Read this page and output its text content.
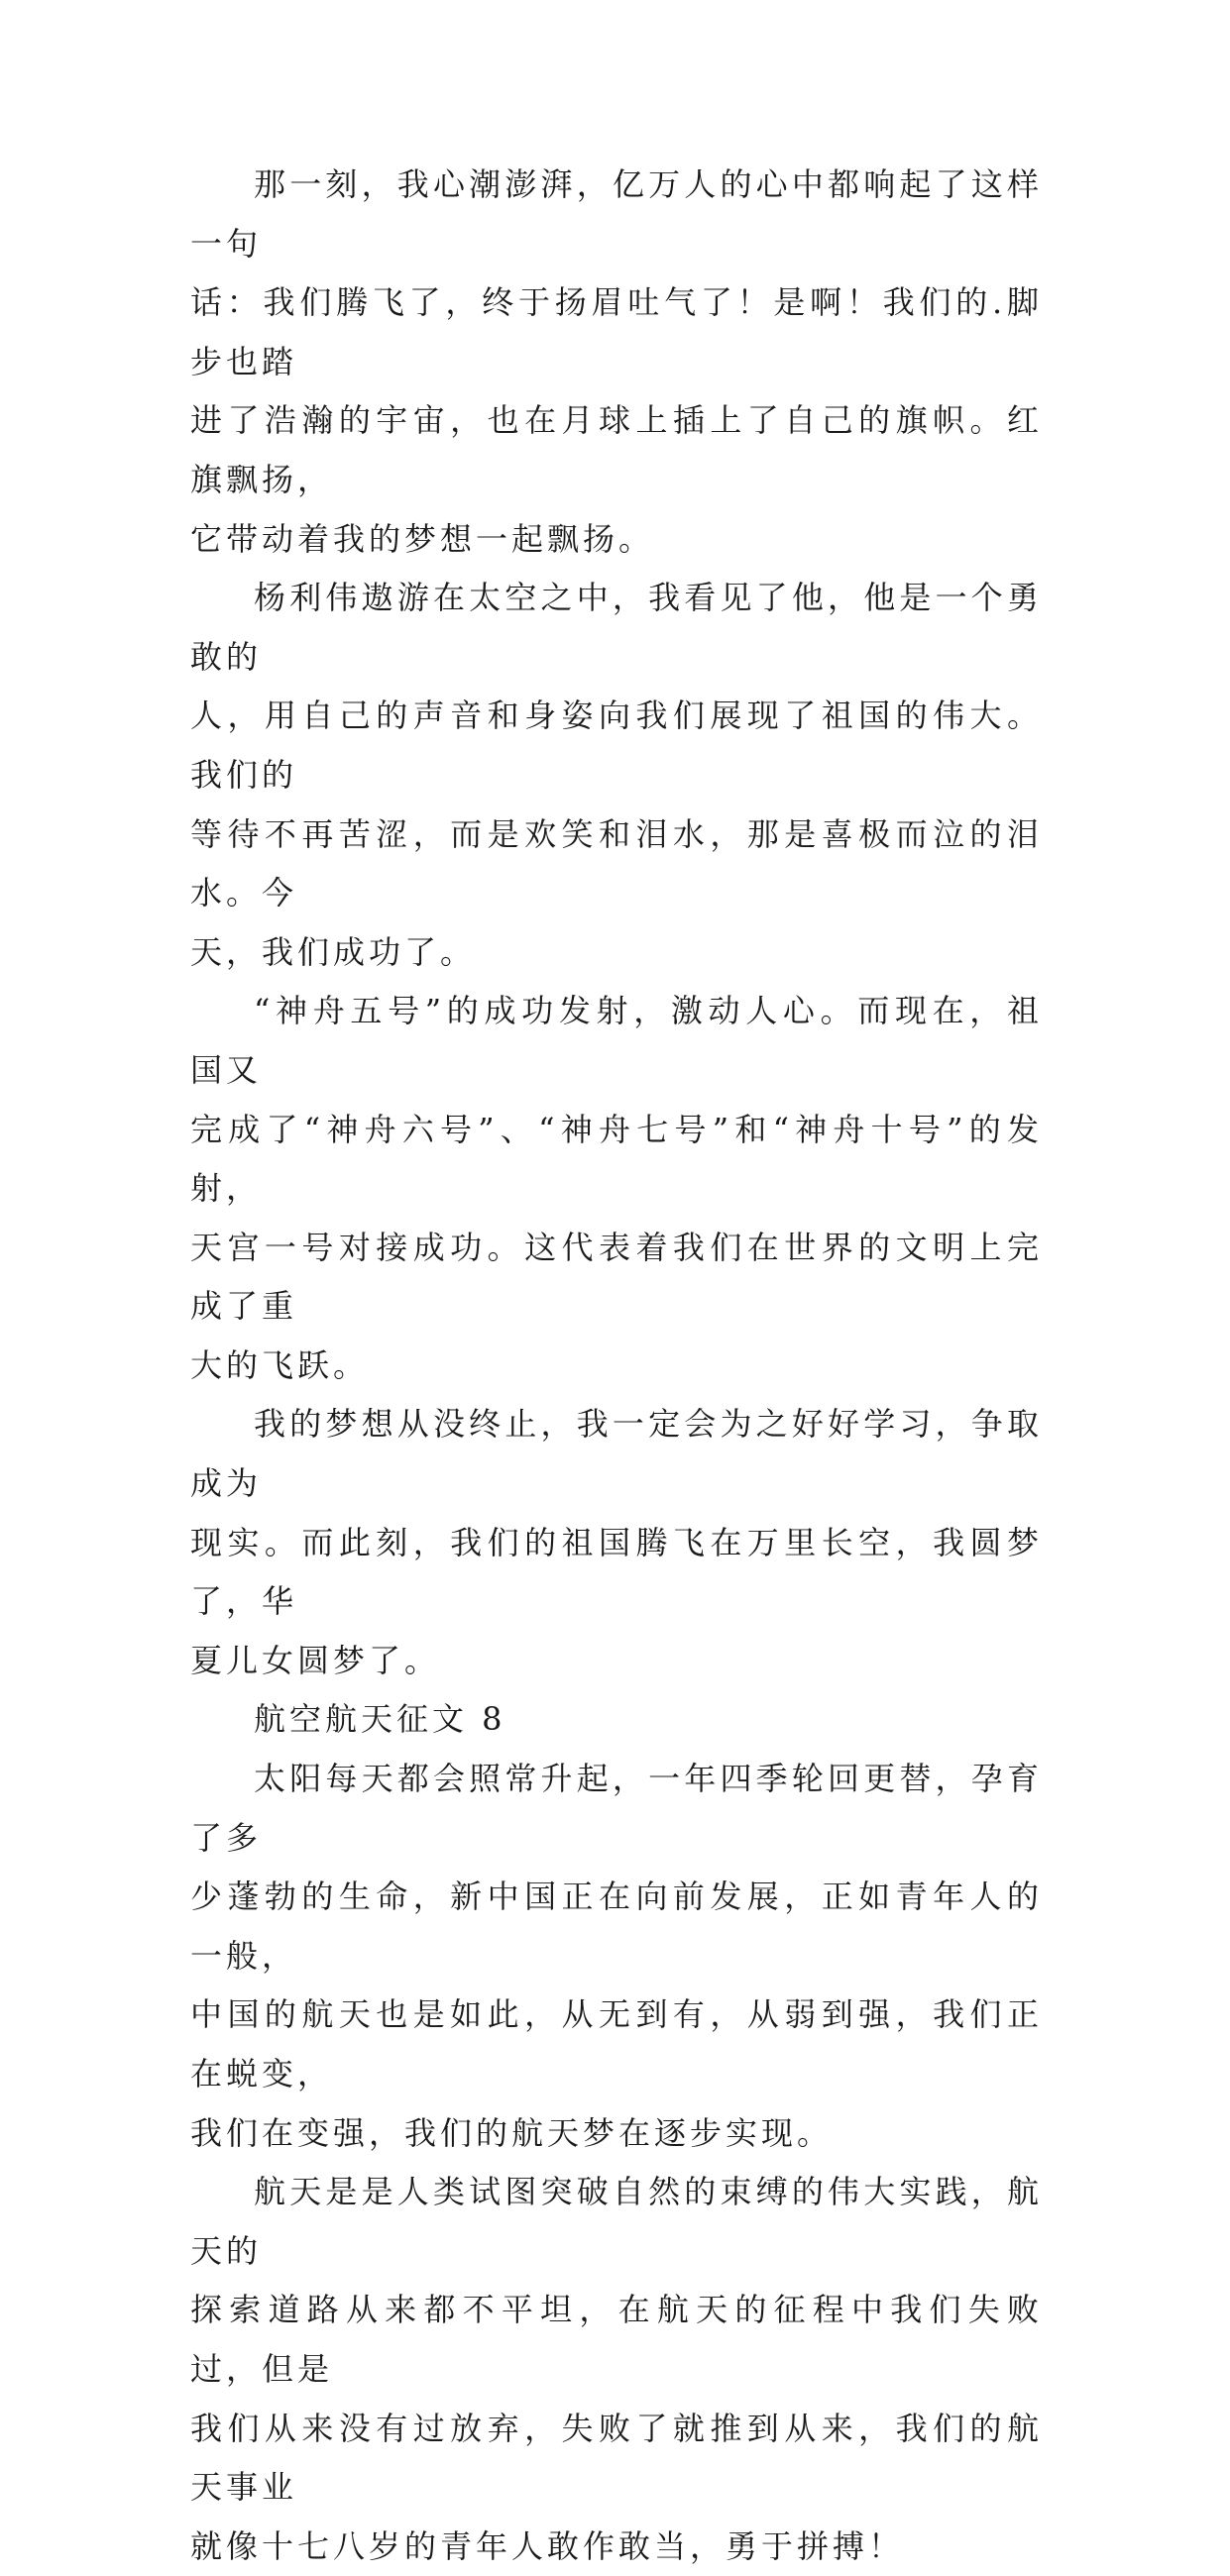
那一刻，我心潮澎湃，亿万人的心中都响起了这样一句
话：我们腾飞了，终于扬眉吐气了！是啊！我们的.脚步也踏
进了浩瀚的宇宙，也在月球上插上了自己的旗帜。红旗飘扬，
它带动着我的梦想一起飘扬。

杨利伟遨游在太空之中，我看见了他，他是一个勇敢的
人，用自己的声音和身姿向我们展现了祖国的伟大。我们的
等待不再苦涩，而是欢笑和泪水，那是喜极而泣的泪水。今
天，我们成功了。

“神舟五号”的成功发射，激动人心。而现在，祖国又
完成了“神舟六号”、“神舟七号”和“神舟十号”的发射，
天宫一号对接成功。这代表着我们在世界的文明上完成了重
大的飞跃。

我的梦想从没终止，我一定会为之好好学习，争取成为
现实。而此刻，我们的祖国腾飞在万里长空，我圆梦了，华
夏儿女圆梦了。

航空航天征文 8

太阳每天都会照常升起，一年四季轮回更替，孕育了多
少蓬勃的生命，新中国正在向前发展，正如青年人的一般，
中国的航天也是如此，从无到有，从弱到强，我们正在蜕变，
我们在变强，我们的航天梦在逐步实现。

航天是是人类试图突破自然的束缚的伟大实践，航天的
探索道路从来都不平坦，在航天的征程中我们失败过，但是
我们从来没有过放弃，失败了就推到从来，我们的航天事业
就像十七八岁的青年人敢作敢当，勇于拼搏！
